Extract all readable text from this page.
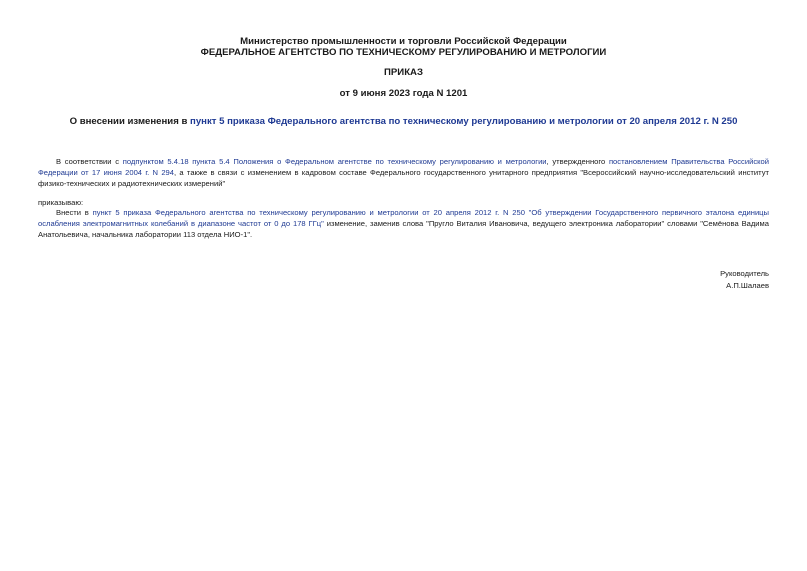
Министерство промышленности и торговли Российской Федерации
ФЕДЕРАЛЬНОЕ АГЕНТСТВО ПО ТЕХНИЧЕСКОМУ РЕГУЛИРОВАНИЮ И МЕТРОЛОГИИ
ПРИКАЗ
от 9 июня 2023 года N 1201
О внесении изменения в пункт 5 приказа Федерального агентства по техническому регулированию и метрологии от 20 апреля 2012 г. N 250
В соответствии с подпунктом 5.4.18 пункта 5.4 Положения о Федеральном агентстве по техническому регулированию и метрологии, утвержденного постановлением Правительства Российской Федерации от 17 июня 2004 г. N 294, а также в связи с изменением в кадровом составе Федерального государственного унитарного предприятия "Всероссийский научно-исследовательский институт физико-технических и радиотехнических измерений"
приказываю:
Внести в пункт 5 приказа Федерального агентства по техническому регулированию и метрологии от 20 апреля 2012 г. N 250 "Об утверждении Государственного первичного эталона единицы ослабления электромагнитных колебаний в диапазоне частот от 0 до 178 ГГц" изменение, заменив слова "Пругло Виталия Ивановича, ведущего электроника лаборатории" словами "Семёнова Вадима Анатольевича, начальника лаборатории 113 отдела НИО-1".
Руководитель
А.П.Шалаев
